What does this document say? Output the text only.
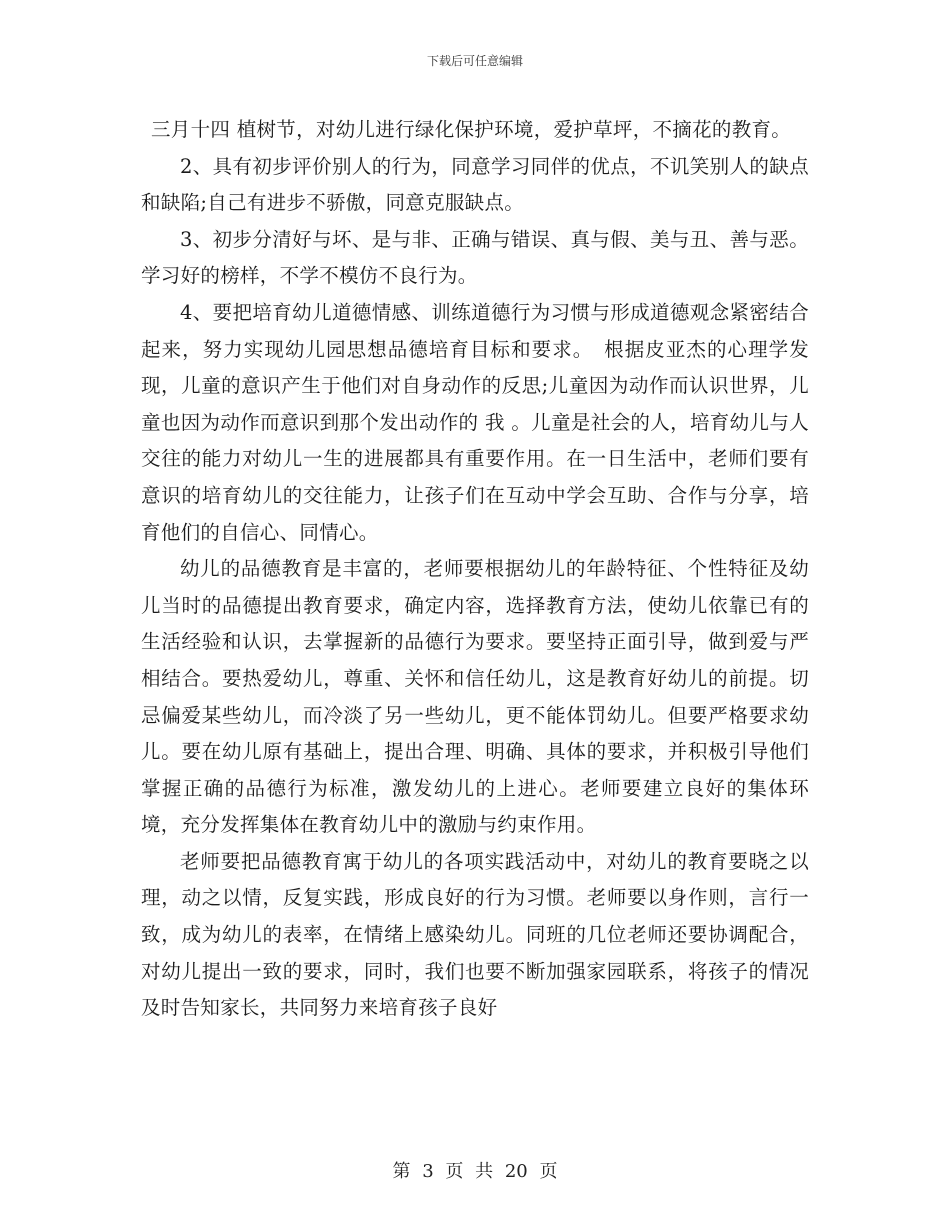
下载后可任意编辑

三月十四 植树节，对幼儿进行绿化保护环境，爱护草坪，不摘花的教育。

2、具有初步评价别人的行为，同意学习同伴的优点，不讥笑别人的缺点和缺陷;自己有进步不骄傲，同意克服缺点。

3、初步分清好与坏、是与非、正确与错误、真与假、美与丑、善与恶。学习好的榜样，不学不模仿不良行为。

4、要把培育幼儿道德情感、训练道德行为习惯与形成道德观念紧密结合起来，努力实现幼儿园思想品德培育目标和要求。　根据皮亚杰的心理学发现，儿童的意识产生于他们对自身动作的反思;儿童因为动作而认识世界，儿童也因为动作而意识到那个发出动作的 我 。儿童是社会的人，培育幼儿与人交往的能力对幼儿一生的进展都具有重要作用。在一日生活中，老师们要有意识的培育幼儿的交往能力，让孩子们在互动中学会互助、合作与分享，培育他们的自信心、同情心。

幼儿的品德教育是丰富的，老师要根据幼儿的年龄特征、个性特征及幼儿当时的品德提出教育要求，确定内容，选择教育方法，使幼儿依靠已有的生活经验和认识，去掌握新的品德行为要求。要坚持正面引导，做到爱与严相结合。要热爱幼儿，尊重、关怀和信任幼儿，这是教育好幼儿的前提。切忌偏爱某些幼儿，而冷淡了另一些幼儿，更不能体罚幼儿。但要严格要求幼儿。要在幼儿原有基础上，提出合理、明确、具体的要求，并积极引导他们掌握正确的品德行为标准，激发幼儿的上进心。老师要建立良好的集体环境，充分发挥集体在教育幼儿中的激励与约束作用。

老师要把品德教育寓于幼儿的各项实践活动中，对幼儿的教育要晓之以理，动之以情，反复实践，形成良好的行为习惯。老师要以身作则，言行一致，成为幼儿的表率，在情绪上感染幼儿。同班的几位老师还要协调配合，对幼儿提出一致的要求，同时，我们也要不断加强家园联系，将孩子的情况及时告知家长，共同努力来培育孩子良好

第 3 页 共 20 页
